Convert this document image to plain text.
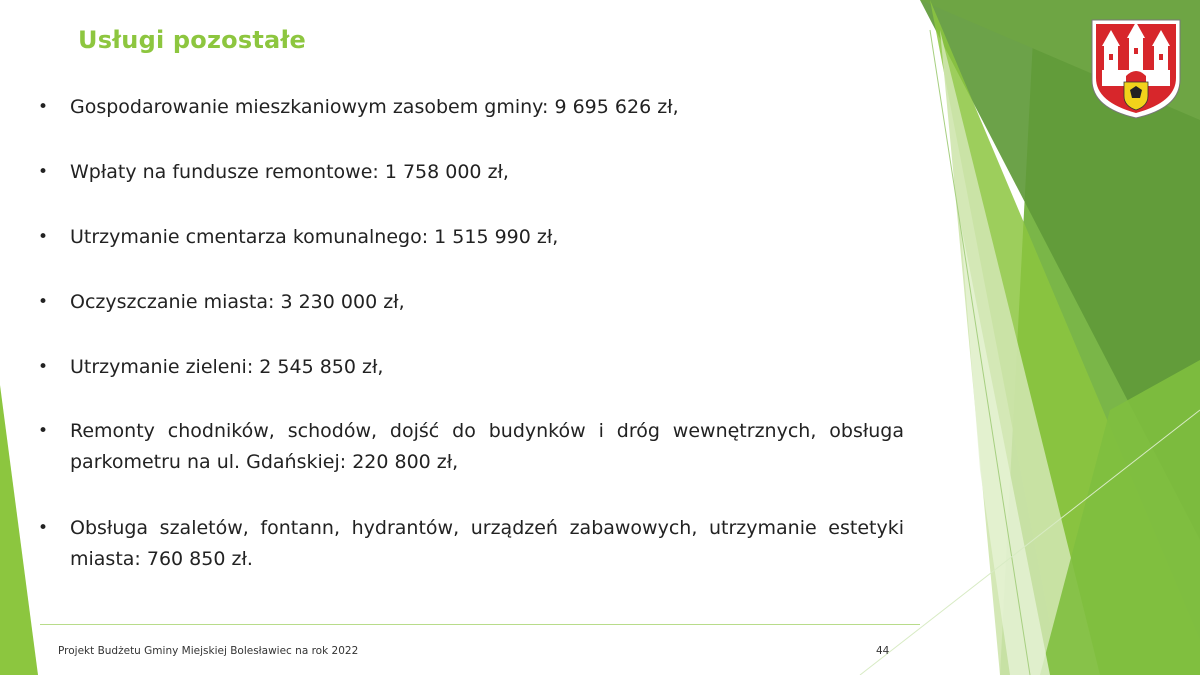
Usługi pozostałe
•	Gospodarowanie mieszkaniowym zasobem gminy: 9 695 626 zł,
•	Wpłaty na fundusze remontowe: 1 758 000 zł,
•	Utrzymanie cmentarza komunalnego: 1 515 990 zł,
•	Oczyszczanie miasta: 3 230 000 zł,
•	Utrzymanie zieleni: 2 545 850 zł,
•	Remonty chodników, schodów, dojść do budynków i dróg wewnętrznych, obsługa parkometru na ul. Gdańskiej: 220 800 zł,
•	Obsługa szaletów, fontann, hydrantów, urządzeń zabawowych, utrzymanie estetyki miasta: 760 850 zł.
Projekt Budżetu Gminy Miejskiej Bolesławiec na rok 2022	44
